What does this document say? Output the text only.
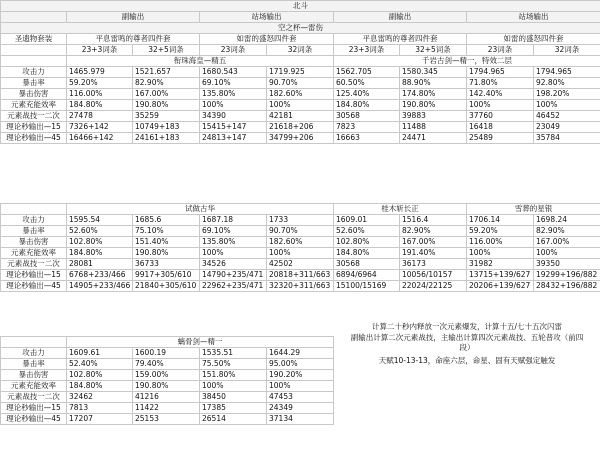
北斗								
	副输出		站场输出		副输出		站场输出	
空之杯—雷伤								
圣遗物套装	平息雷鸣的尊者四件套		如雷的盛怒四件套		平息雷鸣的尊者四件套		如雷的盛怒四件套	
	23+3词条	32+5词条	23词条	32词条	23+3词条	32+5词条	23词条	32词条
	衔珠海皇—精五				千岩古剑—精一，特效二层			
攻击力	1465.979	1521.657	1680.543	1719.925	1562.705	1580.345	1794.965	1794.965
暴击率	59.20%	82.90%	69.10%	90.70%	60.50%	88.90%	71.80%	92.80%
暴击伤害	116.00%	167.00%	135.80%	182.60%	125.40%	174.80%	142.40%	198.20%
元素充能效率	184.80%	190.80%	100%	100%	184.80%	190.80%	100%	100%
元素战技一二次	27478	35259	34390	42181	30568	39883	37760	46452
理论秒输出—15	7326+142	10749+183	15415+147	21618+206	7823	11488	16418	23049
理论秒输出—45	16466+142	24161+183	24813+147	34799+206	16663	24471	25489	35784
	试做古华				桂木斩长正		雪葬的星银	
攻击力	1595.54	1685.6	1687.18	1733	1609.01	1516.4	1706.14	1698.24
暴击率	52.60%	75.10%	69.10%	90.70%	52.60%	82.90%	59.20%	82.90%
暴击伤害	102.80%	151.40%	135.80%	182.60%	102.80%	167.00%	116.00%	167.00%
元素充能效率	184.80%	190.80%	100%	100%	184.80%	191.40%	100%	100%
元素战技一二次	28081	36733	34526	42502	30568	36173	31982	39350
理论秒输出—15	6768+233/466	9917+305/610	14790+235/471	20818+311/663	6894/6964	10056/10157	13715+139/627	19299+196/882
理论秒输出—45	14905+233/466	21840+305/610	22962+235/471	32320+311/663	15100/15169	22024/22125	20206+139/627	28432+196/882
	螭骨剑—精一			
攻击力	1609.61	1600.19	1535.51	1644.29
暴击率	52.40%	79.40%	75.50%	95.00%
暴击伤害	102.80%	159.00%	151.80%	190.20%
元素充能效率	184.80%	190.80%	100%	100%
元素战技一二次	32462	41216	38450	47453
理论秒输出—15	7813	11422	17385	24349
理论秒输出—45	17207	25153	26514	37134
计算二十秒内释放一次元素爆发，计算十五/七十五次闪雷
副输出计算二次元素战技，主输出计算四次元素战技、五轮普攻（前四
段）
天赋10-13-13，命座六层，命星、固有天赋强定触发
